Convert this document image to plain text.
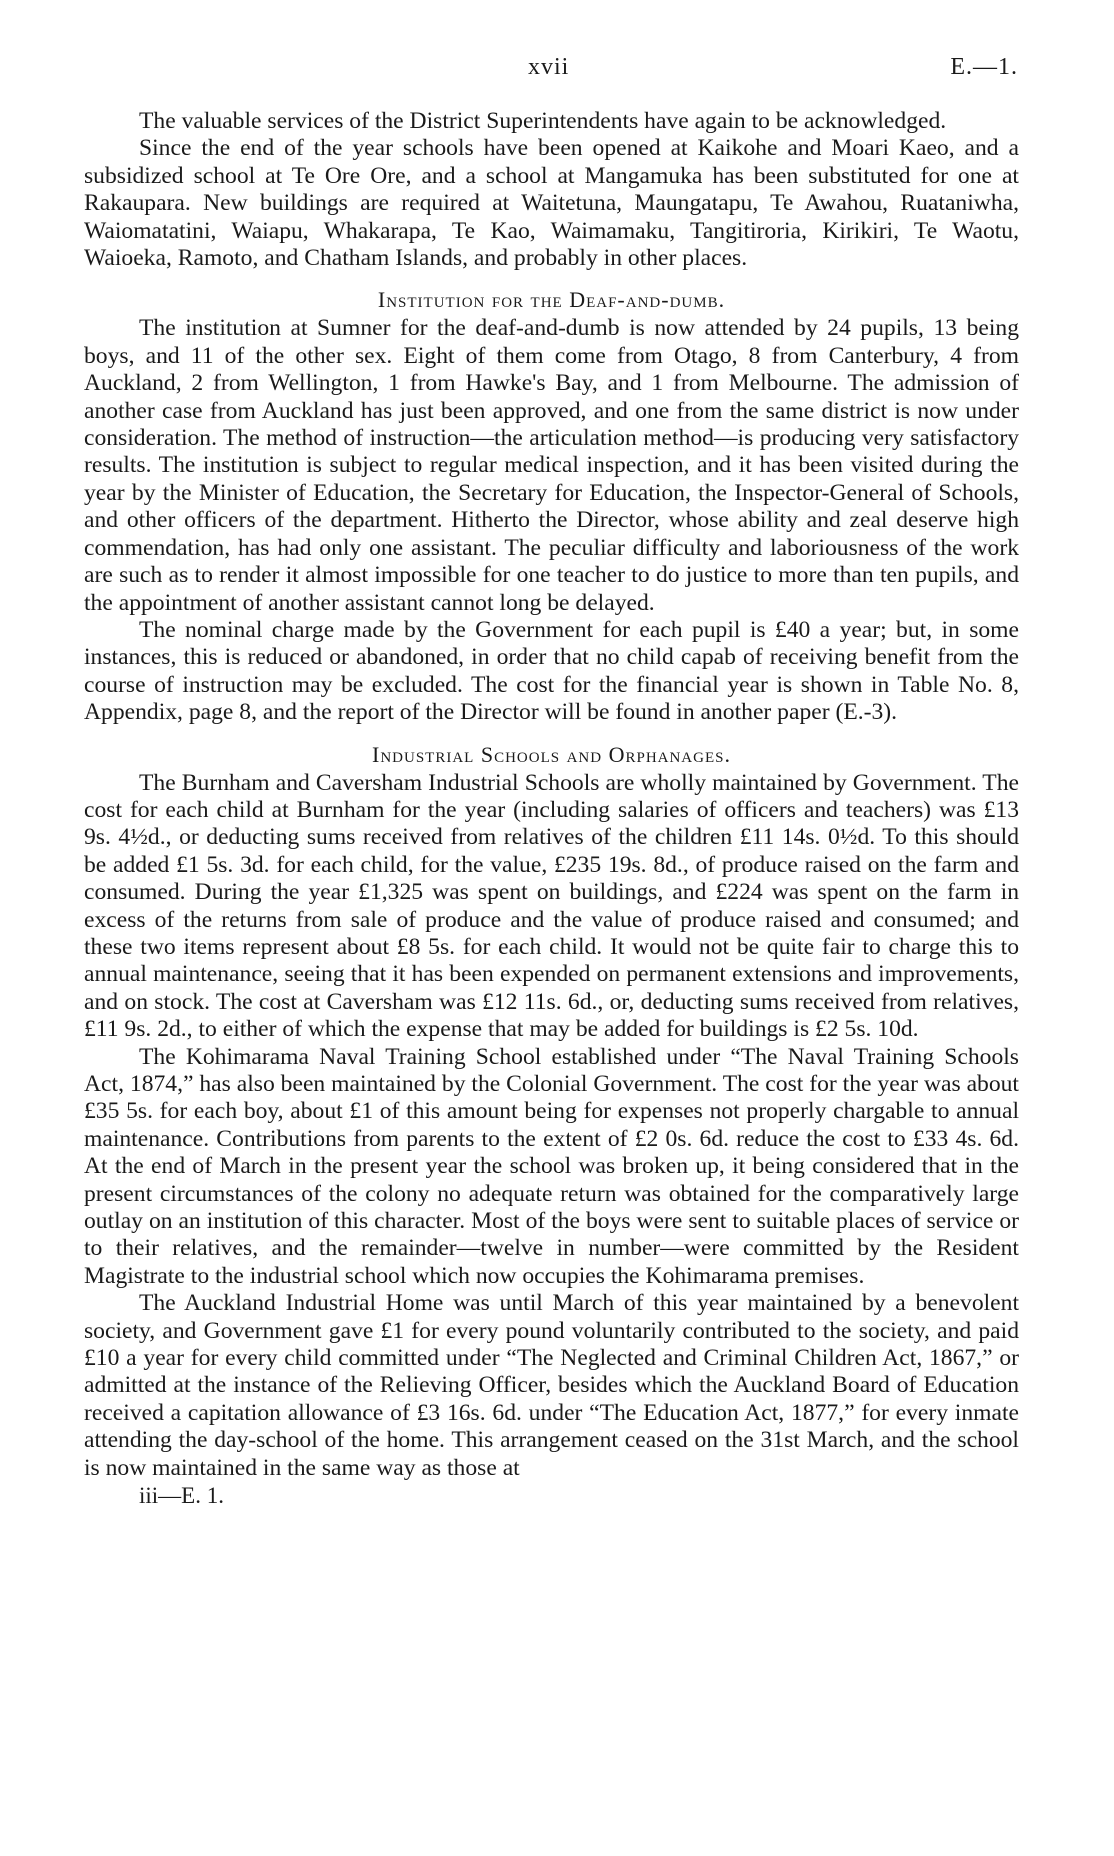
xvii	E.—1.

The valuable services of the District Superintendents have again to be acknowledged.

Since the end of the year schools have been opened at Kaikohe and Moari Kaeo, and a subsidized school at Te Ore Ore, and a school at Mangamuka has been substituted for one at Rakaupara. New buildings are required at Waitetuna, Maungatapu, Te Awahou, Ruataniwha, Waiomatatini, Waiapu, Whakarapa, Te Kao, Waimamaku, Tangitiroria, Kirikiri, Te Waotu, Waioeka, Ramoto, and Chatham Islands, and probably in other places.

Institution for the Deaf-and-dumb.

The institution at Sumner for the deaf-and-dumb is now attended by 24 pupils, 13 being boys, and 11 of the other sex. Eight of them come from Otago, 8 from Canterbury, 4 from Auckland, 2 from Wellington, 1 from Hawke's Bay, and 1 from Melbourne. The admission of another case from Auckland has just been approved, and one from the same district is now under consideration. The method of instruction—the articulation method—is producing very satisfactory results. The institution is subject to regular medical inspection, and it has been visited during the year by the Minister of Education, the Secretary for Education, the Inspector-General of Schools, and other officers of the department. Hitherto the Director, whose ability and zeal deserve high commendation, has had only one assistant. The peculiar difficulty and laboriousness of the work are such as to render it almost impossible for one teacher to do justice to more than ten pupils, and the appointment of another assistant cannot long be delayed.

The nominal charge made by the Government for each pupil is £40 a year; but, in some instances, this is reduced or abandoned, in order that no child capab of receiving benefit from the course of instruction may be excluded. The cost for the financial year is shown in Table No. 8, Appendix, page 8, and the report of the Director will be found in another paper (E.-3).

Industrial Schools and Orphanages.

The Burnham and Caversham Industrial Schools are wholly maintained by Government. The cost for each child at Burnham for the year (including salaries of officers and teachers) was £13 9s. 4½d., or deducting sums received from relatives of the children £11 14s. 0½d. To this should be added £1 5s. 3d. for each child, for the value, £235 19s. 8d., of produce raised on the farm and consumed. During the year £1,325 was spent on buildings, and £224 was spent on the farm in excess of the returns from sale of produce and the value of produce raised and consumed; and these two items represent about £8 5s. for each child. It would not be quite fair to charge this to annual maintenance, seeing that it has been expended on permanent extensions and improvements, and on stock. The cost at Caversham was £12 11s. 6d., or, deducting sums received from relatives, £11 9s. 2d., to either of which the expense that may be added for buildings is £2 5s. 10d.

The Kohimarama Naval Training School established under “The Naval Training Schools Act, 1874,” has also been maintained by the Colonial Government. The cost for the year was about £35 5s. for each boy, about £1 of this amount being for expenses not properly chargable to annual maintenance. Contributions from parents to the extent of £2 0s. 6d. reduce the cost to £33 4s. 6d. At the end of March in the present year the school was broken up, it being considered that in the present circumstances of the colony no adequate return was obtained for the comparatively large outlay on an institution of this character. Most of the boys were sent to suitable places of service or to their relatives, and the remainder—twelve in number—were committed by the Resident Magistrate to the industrial school which now occupies the Kohimarama premises.

The Auckland Industrial Home was until March of this year maintained by a benevolent society, and Government gave £1 for every pound voluntarily contributed to the society, and paid £10 a year for every child committed under “The Neglected and Criminal Children Act, 1867,” or admitted at the instance of the Relieving Officer, besides which the Auckland Board of Education received a capitation allowance of £3 16s. 6d. under “The Education Act, 1877,” for every inmate attending the day-school of the home. This arrangement ceased on the 31st March, and the school is now maintained in the same way as those at

iii—E. 1.
